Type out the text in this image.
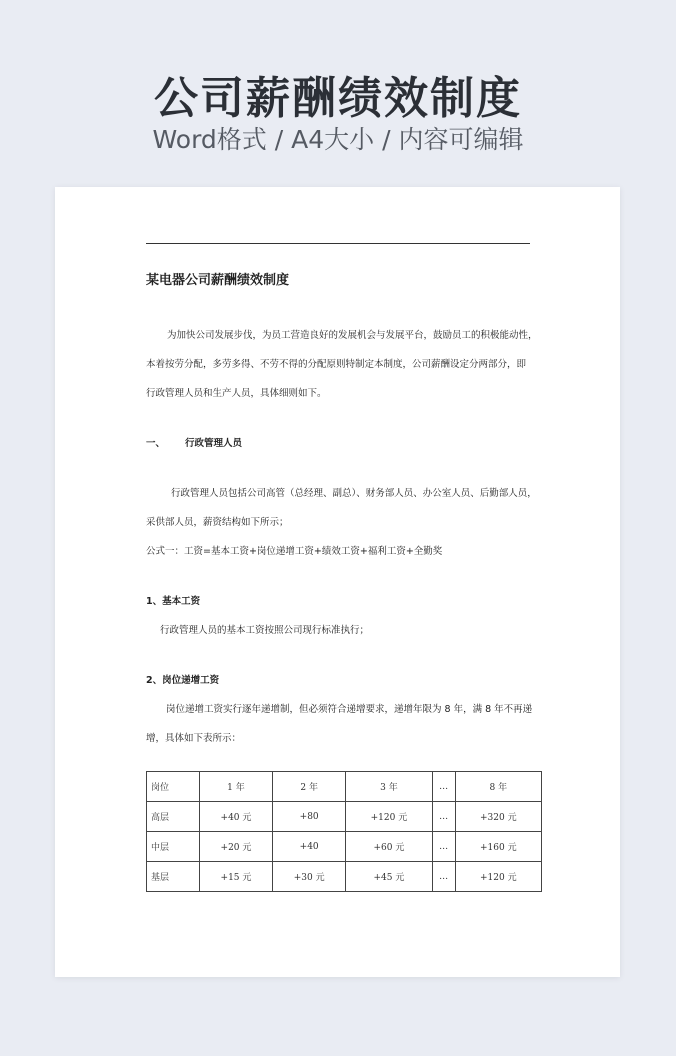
公司薪酬绩效制度
Word格式 / A4大小 / 内容可编辑
某电器公司薪酬绩效制度
为加快公司发展步伐，为员工营造良好的发展机会与发展平台，鼓励员工的积极能动性，
本着按劳分配，多劳多得、不劳不得的分配原则特制定本制度，公司薪酬设定分两部分，即
行政管理人员和生产人员，具体细则如下。
一、 行政管理人员
行政管理人员包括公司高管（总经理、副总）、财务部人员、办公室人员、后勤部人员，
采供部人员，薪资结构如下所示；
公式一：工资=基本工资+岗位递增工资+绩效工资+福利工资+全勤奖
1、基本工资
行政管理人员的基本工资按照公司现行标准执行；
2、岗位递增工资
岗位递增工资实行逐年递增制，但必须符合递增要求，递增年限为 8 年，满 8 年不再递
增，具体如下表所示：
岗位	1 年	2 年	3 年	…	8 年
高层	+40 元	+80	+120 元	…	+320 元
中层	+20 元	+40	+60 元	…	+160 元
基层	+15 元	+30 元	+45 元	…	+120 元
